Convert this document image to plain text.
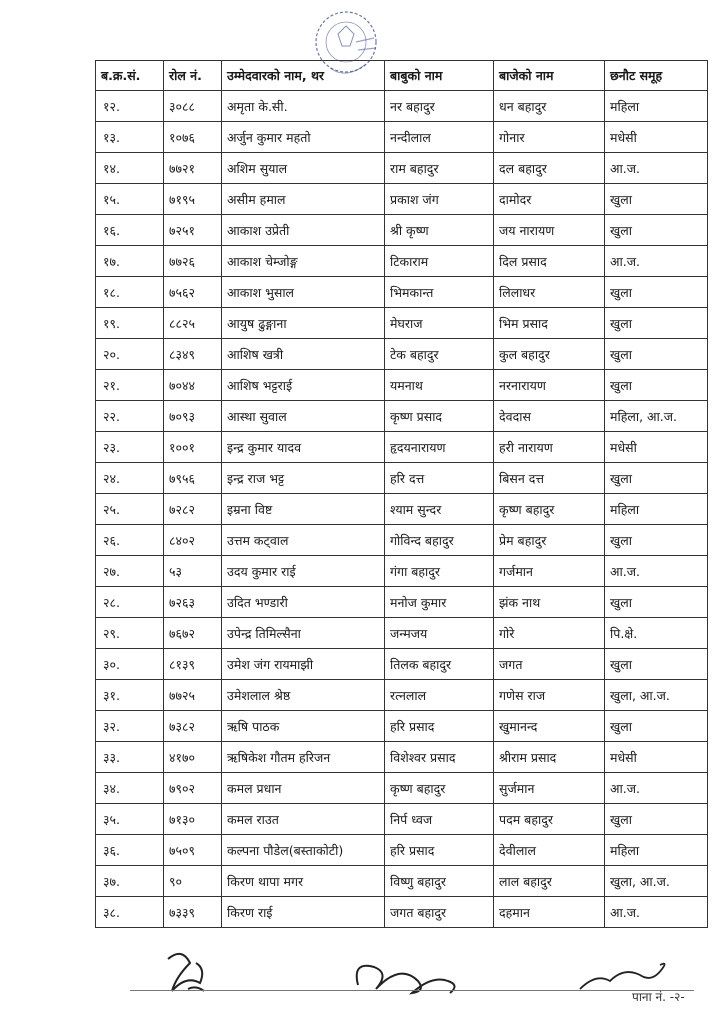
ब.क्र.सं.	रोल नं.	उम्मेदवारको नाम, थर	बाबुको नाम	बाजेको नाम	छनौट समूह
१२.	३०८८	अमृता के.सी.	नर बहादुर	धन बहादुर	महिला
१३.	१०७६	अर्जुन कुमार महतो	नन्दीलाल	गोनार	मधेसी
१४.	७७२१	अशिम सुयाल	राम बहादुर	दल बहादुर	आ.ज.
१५.	७१९५	असीम हमाल	प्रकाश जंग	दामोदर	खुला
१६.	७२५१	आकाश उप्रेती	श्री कृष्ण	जय नारायण	खुला
१७.	७७२६	आकाश चेम्जोङ्ग	टिकाराम	दिल प्रसाद	आ.ज.
१८.	७५६२	आकाश भुसाल	भिमकान्त	लिलाधर	खुला
१९.	८८२५	आयुष ढुङ्गाना	मेघराज	भिम प्रसाद	खुला
२०.	८३४९	आशिष खत्री	टेक बहादुर	कुल बहादुर	खुला
२१.	७०४४	आशिष भट्टराई	यमनाथ	नरनारायण	खुला
२२.	७०९३	आस्था सुवाल	कृष्ण प्रसाद	देवदास	महिला, आ.ज.
२३.	१००१	इन्द्र कुमार यादव	हृदयनारायण	हरी नारायण	मधेसी
२४.	७९५६	इन्द्र राज भट्ट	हरि दत्त	बिसन दत्त	खुला
२५.	७२८२	इम्रना विष्ट	श्याम सुन्दर	कृष्ण बहादुर	महिला
२६.	८४०२	उत्तम कट्वाल	गोविन्द बहादुर	प्रेम बहादुर	खुला
२७.	५३	उदय कुमार राई	गंगा बहादुर	गर्जमान	आ.ज.
२८.	७२६३	उदित भण्डारी	मनोज कुमार	झंक नाथ	खुला
२९.	७६७२	उपेन्द्र तिमिल्सैना	जन्मजय	गोरे	पि.क्षे.
३०.	८१३९	उमेश जंग रायमाझी	तिलक बहादुर	जगत	खुला
३१.	७७२५	उमेशलाल श्रेष्ठ	रत्नलाल	गणेस राज	खुला, आ.ज.
३२.	७३८२	ऋषि पाठक	हरि प्रसाद	खुमानन्द	खुला
३३.	४१७०	ऋषिकेश गौतम हरिजन	विशेश्वर प्रसाद	श्रीराम प्रसाद	मधेसी
३४.	७९०२	कमल प्रधान	कृष्ण बहादुर	सुर्जमान	आ.ज.
३५.	७१३०	कमल राउत	निर्प ध्वज	पदम बहादुर	खुला
३६.	७५०९	कल्पना पौडेल(बस्ताकोटी)	हरि प्रसाद	देवीलाल	महिला
३७.	९०	किरण थापा मगर	विष्णु बहादुर	लाल बहादुर	खुला, आ.ज.
३८.	७३३९	किरण राई	जगत बहादुर	दहमान	आ.ज.
पाना नं. -२-
